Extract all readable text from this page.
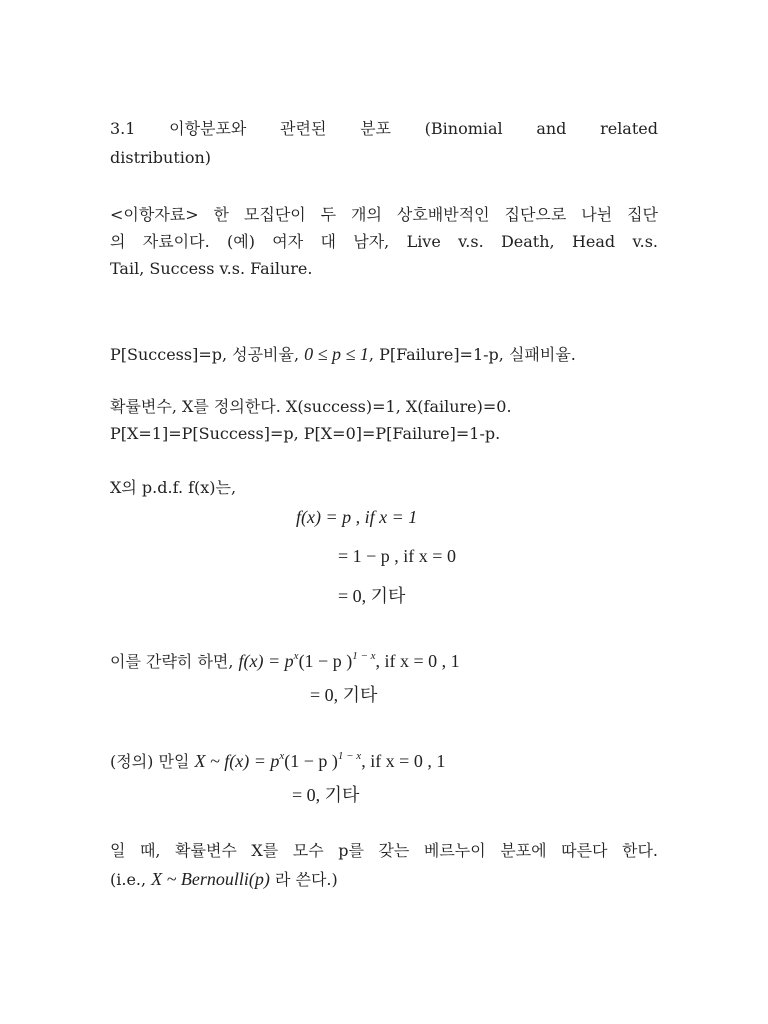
3.1 이항분포와 관련된 분포 (Binomial and related
distribution)
<이항자료> 한 모집단이 두 개의 상호배반적인 집단으로 나뉜 집단
의 자료이다. (예) 여자 대 남자, Live v.s. Death, Head v.s.
Tail, Success v.s. Failure.
P[Success]=p, 성공비율, 0 ≤ p ≤ 1, P[Failure]=1-p, 실패비율.
확률변수, X를 정의한다. X(success)=1, X(failure)=0.
P[X=1]=P[Success]=p, P[X=0]=P[Failure]=1-p.
X의 p.d.f. f(x)는,
f(x) = p , if x = 1
= 1 − p , if x = 0
= 0, 기타
이를 간략히 하면, $f(x) = p^x(1 - p$ )$^{1 - x}$, if x = 0 , 1
= 0, 기타
(정의) 만일 X ~ $f(x) = p^x(1 - p$ )$^{1 - x}$, if x = 0 , 1
= 0, 기타
일 때, 확률변수 X를 모수 p를 갖는 베르누이 분포에 따른다 한다.
(i.e., X ~ Bernoulli(p) 라 쓴다.)
